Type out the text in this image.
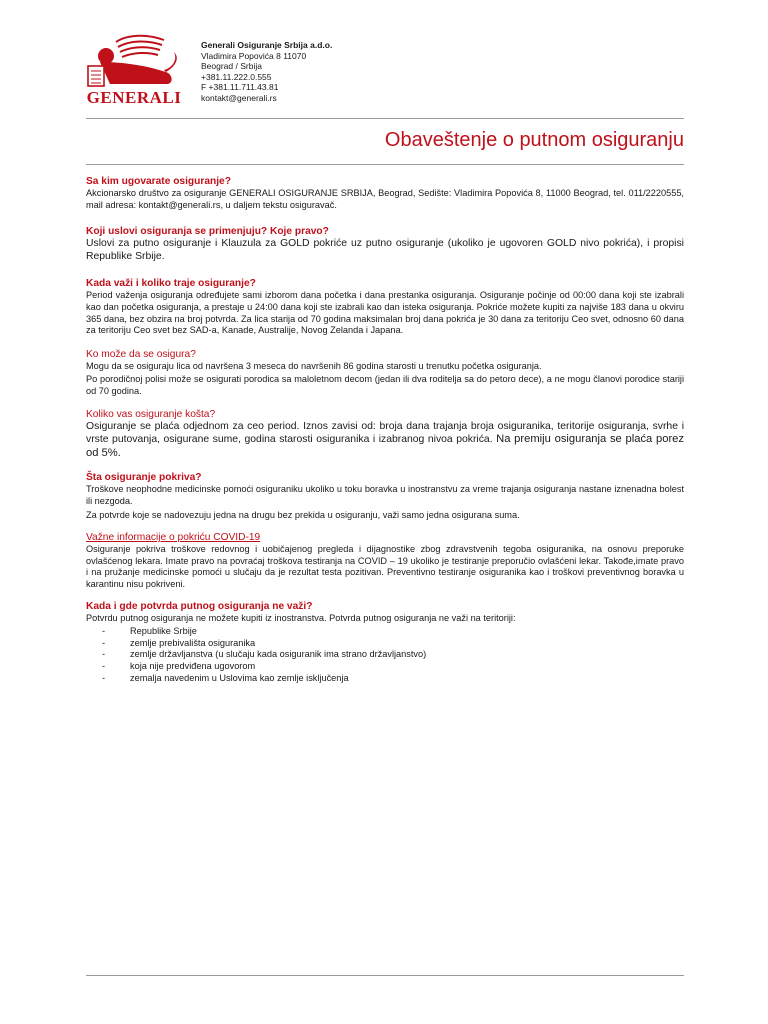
GENERALI
Generali Osiguranje Srbija a.d.o.
Vladimira Popovića 8 11070
Beograd / Srbija
+381.11.222.0.555
F +381.11.711.43.81
kontakt@generali.rs
Obaveštenje o putnom osiguranju
Sa kim ugovarate osiguranje?

Akcionarsko društvo za osiguranje GENERALI OSIGURANJE SRBIJA, Beograd, Sedište: Vladimira Popovića 8, 11000 Beograd, tel. 011/2220555, mail adresa: kontakt@generali.rs, u daljem tekstu osiguravač.

Koji uslovi osiguranja se primenjuju? Koje pravo?

Uslovi za putno osiguranje i Klauzula za GOLD pokriće uz putno osiguranje (ukoliko je ugovoren GOLD nivo pokrića), i propisi Republike Srbije.

Kada važi i koliko traje osiguranje?

Period važenja osiguranja određujete sami izborom dana početka i dana prestanka osiguranja. Osiguranje počinje od 00:00 dana koji ste izabrali kao dan početka osiguranja, a prestaje u 24:00 dana koji ste izabrali kao dan isteka osiguranja. Pokriće možete kupiti za najviše 183 dana u okviru 365 dana, bez obzira na broj potvrda. Za lica starija od 70 godina maksimalan broj dana pokrića je 30 dana za teritoriju Ceo svet, odnosno 60 dana za teritoriju Ceo svet bez SAD-a, Kanade, Australije, Novog Zelanda i Japana.

Ko može da se osigura?

Mogu da se osiguraju lica od navršena 3 meseca do navršenih 86 godina starosti u trenutku početka osiguranja.

Po porodičnoj polisi može se osigurati porodica sa maloletnom decom (jedan ili dva roditelja sa do petoro dece), a ne mogu članovi porodice stariji od 70 godina.

Koliko vas osiguranje košta?

Osiguranje se plaća odjednom za ceo period. Iznos zavisi od: broja dana trajanja broja osiguranika, teritorije osiguranja, svrhe i vrste putovanja, osigurane sume, godina starosti osiguranika i izabranog nivoa pokrića. Na premiju osiguranja se plaća porez od 5%.

Šta osiguranje pokriva?

Troškove neophodne medicinske pomoći osiguraniku ukoliko u toku boravka u inostranstvu za vreme trajanja osiguranja nastane iznenadna bolest ili nezgoda.

Za potvrde koje se nadovezuju jedna na drugu bez prekida u osiguranju, važi samo jedna osigurana suma.

Važne informacije o pokriću COVID-19

Osiguranje pokriva troškove redovnog i uobičajenog pregleda i dijagnostike zbog zdravstvenih tegoba osiguranika, na osnovu preporuke ovlašćenog lekara. Imate pravo na povraćaj troškova testiranja na COVID – 19 ukoliko je testiranje preporučio ovlašćeni lekar. Takođe,imate pravo i na pružanje medicinske pomoći u slučaju da je rezultat testa pozitivan. Preventivno testiranje osiguranika kao i troškovi preventivnog boravka u karantinu nisu pokriveni.

Kada i gde potvrda putnog osiguranja ne važi?

Potvrdu putnog osiguranja ne možete kupiti iz inostranstva. Potvrda putnog osiguranja ne važi na teritoriji:

- Republike Srbije
- zemlje prebivališta osiguranika
- zemlje državljanstva (u slučaju kada osiguranik ima strano državljanstvo)
- koja nije predviđena ugovorom
- zemalja navedenim u Uslovima kao zemlje isključenja
